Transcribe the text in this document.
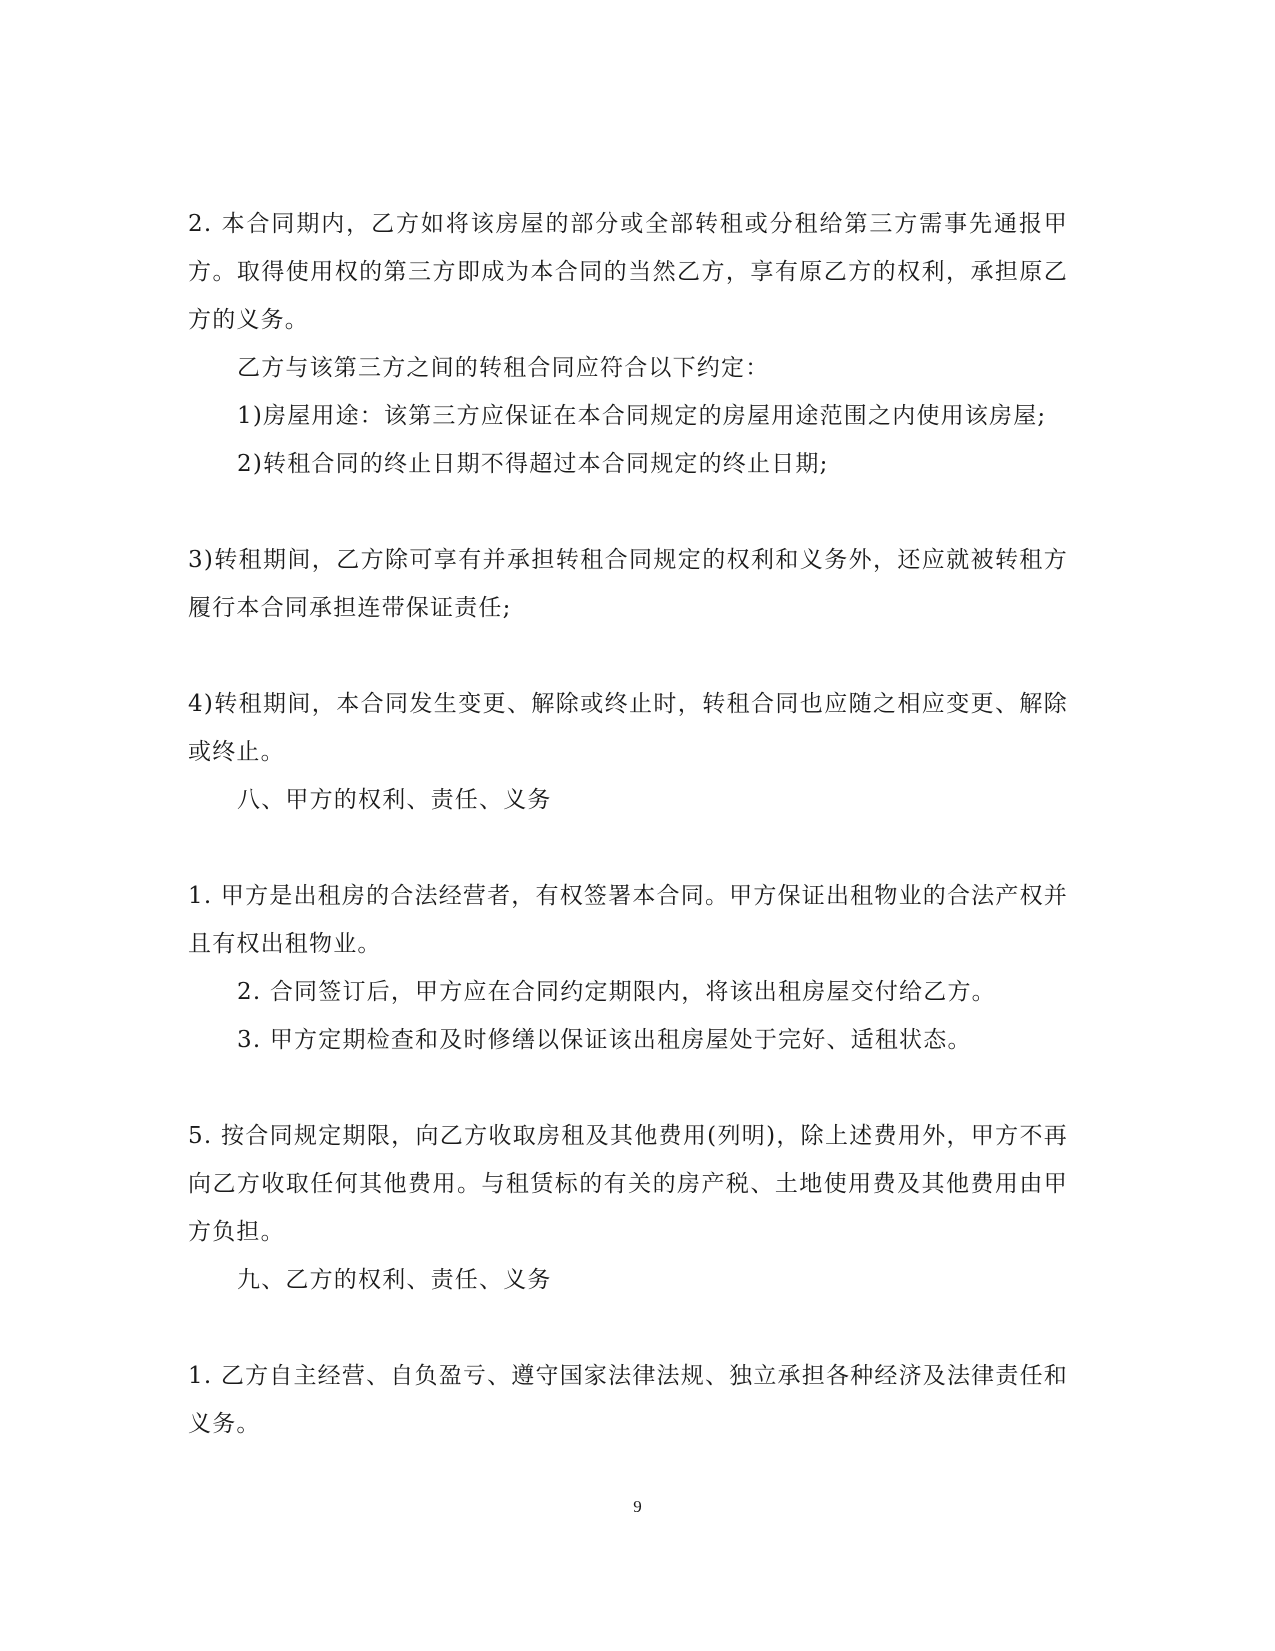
2. 本合同期内，乙方如将该房屋的部分或全部转租或分租给第三方需事先通报甲方。取得使用权的第三方即成为本合同的当然乙方，享有原乙方的权利，承担原乙方的义务。

乙方与该第三方之间的转租合同应符合以下约定：

1)房屋用途：该第三方应保证在本合同规定的房屋用途范围之内使用该房屋;

2)转租合同的终止日期不得超过本合同规定的终止日期;

3)转租期间，乙方除可享有并承担转租合同规定的权利和义务外，还应就被转租方履行本合同承担连带保证责任;

4)转租期间，本合同发生变更、解除或终止时，转租合同也应随之相应变更、解除或终止。

八、甲方的权利、责任、义务

1. 甲方是出租房的合法经营者，有权签署本合同。甲方保证出租物业的合法产权并且有权出租物业。

2. 合同签订后，甲方应在合同约定期限内，将该出租房屋交付给乙方。

3. 甲方定期检查和及时修缮以保证该出租房屋处于完好、适租状态。

5. 按合同规定期限，向乙方收取房租及其他费用(列明)，除上述费用外，甲方不再向乙方收取任何其他费用。与租赁标的有关的房产税、土地使用费及其他费用由甲方负担。

九、乙方的权利、责任、义务

1. 乙方自主经营、自负盈亏、遵守国家法律法规、独立承担各种经济及法律责任和义务。

9
